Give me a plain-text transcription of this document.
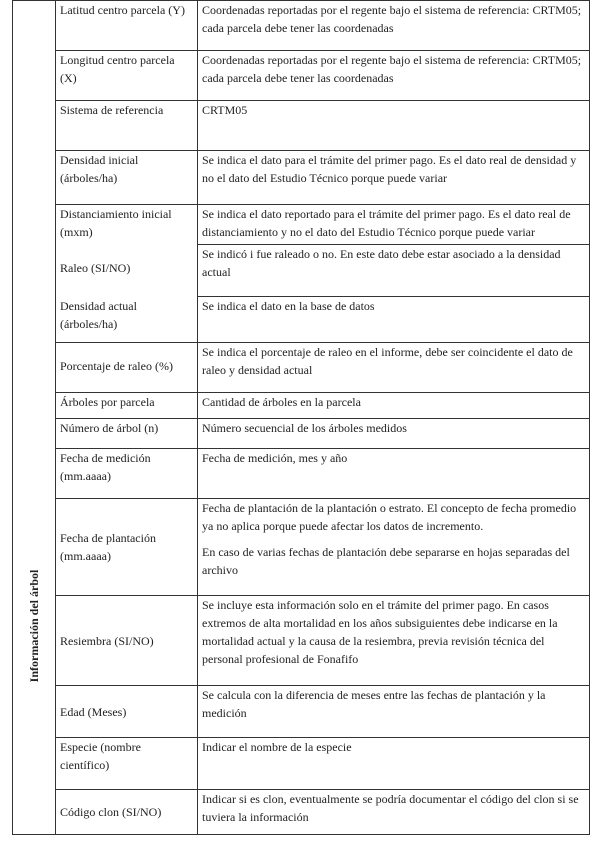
	Latitud centro parcela (Y)	Coordenadas reportadas por el regente bajo el sistema de referencia: CRTM05; cada parcela debe tener las coordenadas
	Longitud centro parcela (X)	Coordenadas reportadas por el regente bajo el sistema de referencia: CRTM05; cada parcela debe tener las coordenadas
	Sistema de referencia	CRTM05
	Densidad inicial (árboles/ha)	Se indica el dato para el trámite del primer pago. Es el dato real de densidad y no el dato del Estudio Técnico porque puede variar
	Distanciamiento inicial (mxm)	Se indica el dato reportado para el trámite del primer pago. Es el dato real de distanciamiento y no el dato del Estudio Técnico porque puede variar
	Raleo (SI/NO)	Se indicó i fue raleado o no. En este dato debe estar asociado a la densidad actual
	Densidad actual (árboles/ha)	Se indica el dato en la base de datos
	Porcentaje de raleo (%)	Se indica el porcentaje de raleo en el informe, debe ser coincidente el dato de raleo y densidad actual
	Árboles por parcela	Cantidad de árboles en la parcela

Información del árbol	Número de árbol (n)	Número secuencial de los árboles medidos
	Fecha de medición (mm.aaaa)	Fecha de medición, mes y año
	Fecha de plantación (mm.aaaa)	Fecha de plantación de la plantación o estrato. El concepto de fecha promedio ya no aplica porque puede afectar los datos de incremento.
En caso de varias fechas de plantación debe separarse en hojas separadas del archivo

	Resiembra (SI/NO)	Se incluye esta información solo en el trámite del primer pago. En casos extremos de alta mortalidad en los años subsiguientes debe indicarse en la mortalidad actual y la causa de la resiembra, previa revisión técnica del personal profesional de Fonafifo
	Edad (Meses)	Se calcula con la diferencia de meses entre las fechas de plantación y la medición
	Especie (nombre científico)	Indicar el nombre de la especie
	Código clon (SI/NO)	Indicar si es clon, eventualmente se podría documentar el código del clon si se tuviera la información
